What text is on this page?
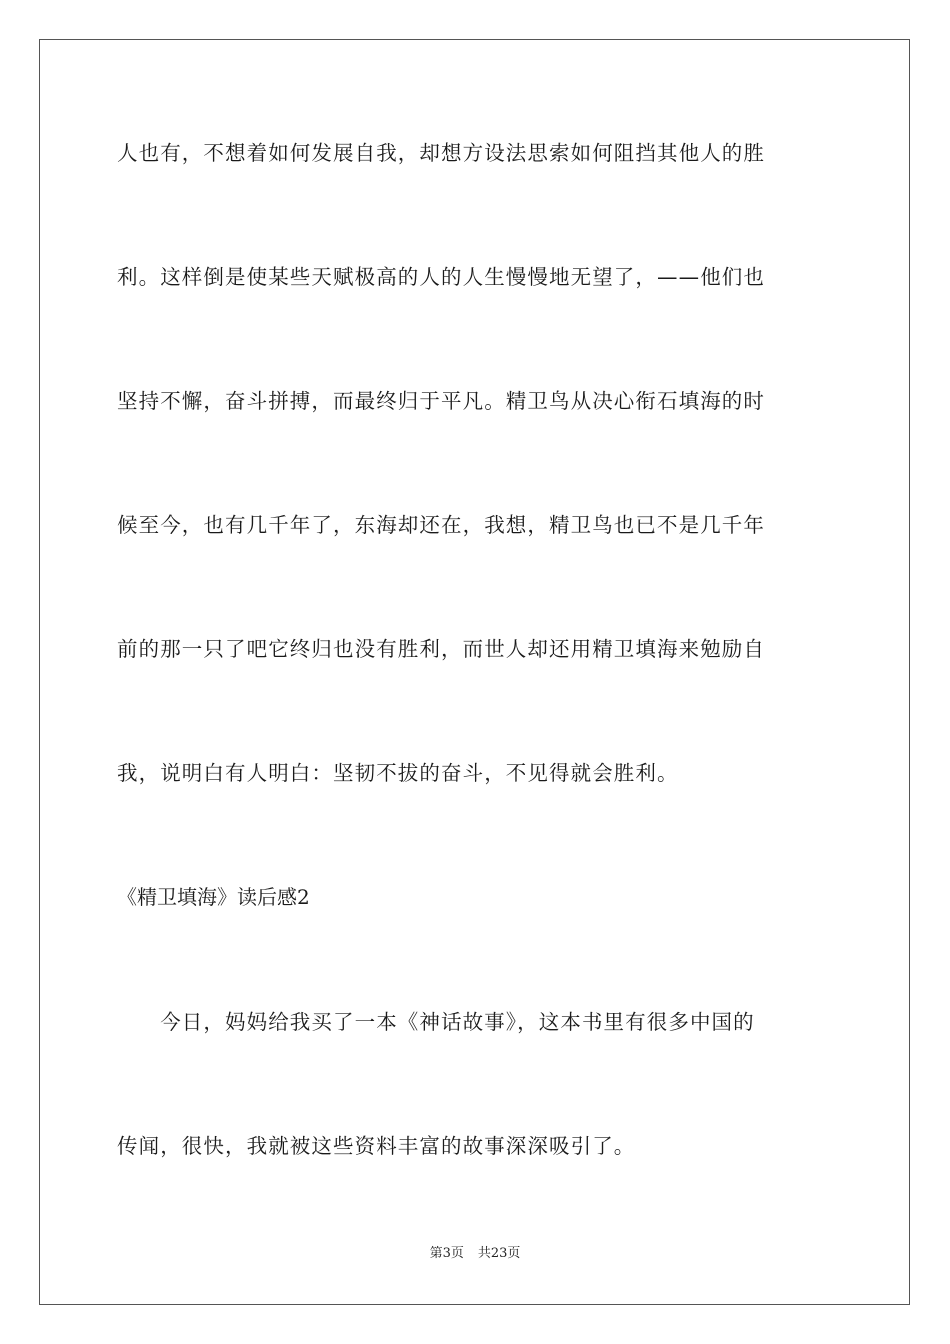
人也有，不想着如何发展自我，却想方设法思索如何阻挡其他人的胜
利。这样倒是使某些天赋极高的人的人生慢慢地无望了，——他们也
坚持不懈，奋斗拼搏，而最终归于平凡。精卫鸟从决心衔石填海的时
候至今，也有几千年了，东海却还在，我想，精卫鸟也已不是几千年
前的那一只了吧它终归也没有胜利，而世人却还用精卫填海来勉励自
我，说明白有人明白：坚韧不拔的奋斗，不见得就会胜利。
《精卫填海》读后感2
　　今日，妈妈给我买了一本《神话故事》，这本书里有很多中国的
传闻，很快，我就被这些资料丰富的故事深深吸引了。
第3页 共23页
